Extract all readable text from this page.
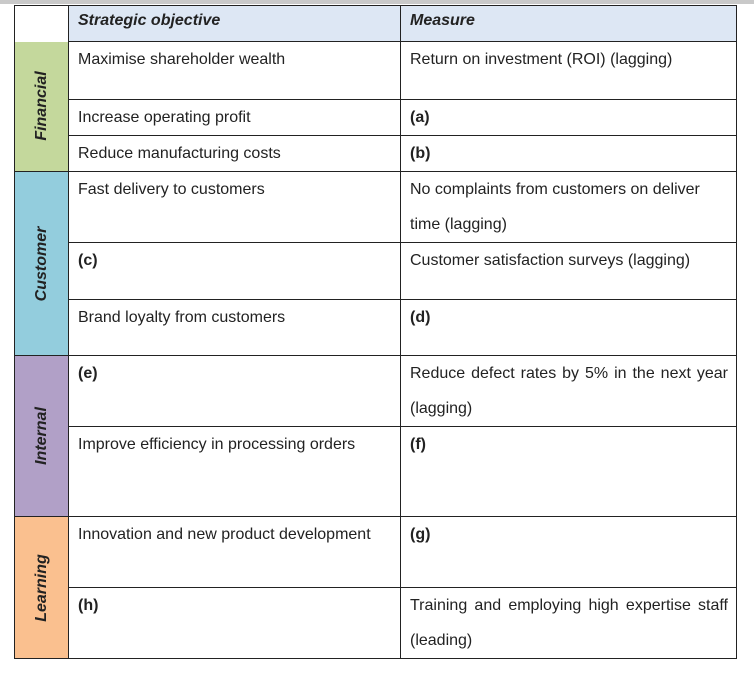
	Strategic objective	Measure

Financial	Maximise shareholder wealth	Return on investment (ROI) (lagging)
	Increase operating profit	(a)
	Reduce manufacturing costs	(b)

Customer	Fast delivery to customers	No complaints from customers on deliver time (lagging)
	(c)	Customer satisfaction surveys (lagging)
	Brand loyalty from customers	(d)

Internal	(e)	Reduce defect rates by 5% in the next year (lagging)
	Improve efficiency in processing orders	(f)

Learning	Innovation and new product development	(g)
	(h)	Training and employing high expertise staff (leading)
